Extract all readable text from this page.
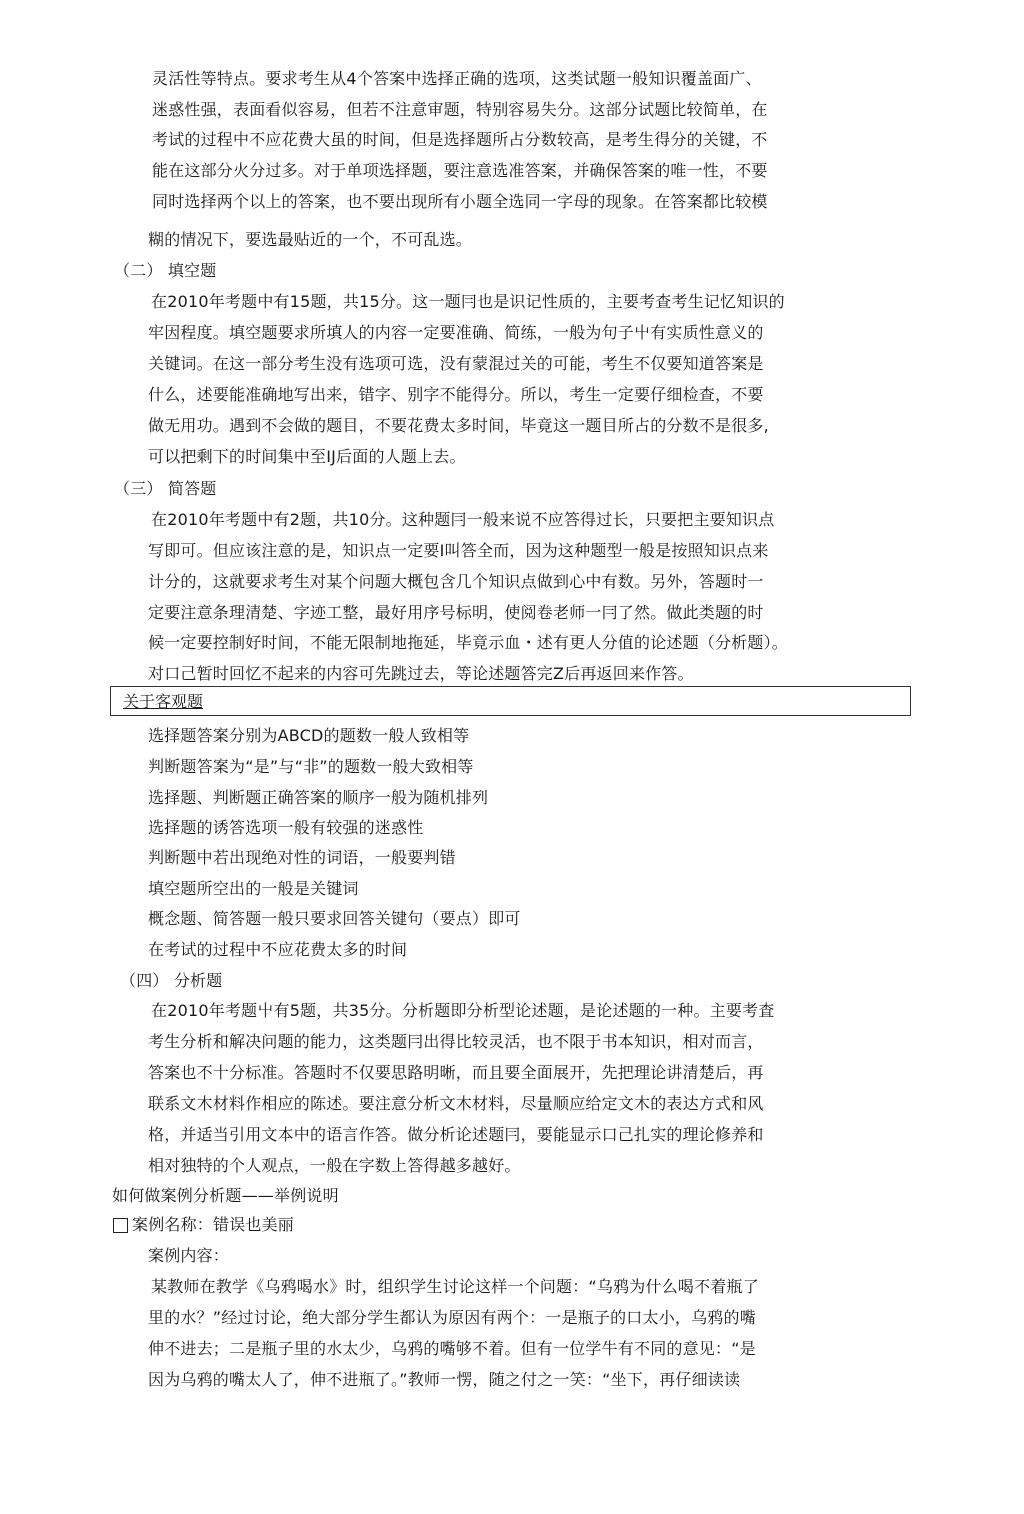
灵活性等特点。要求考生从4个答案中选择正确的选项，这类试题一般知识覆盖面广、
迷惑性强，表面看似容易，但若不注意审题，特别容易失分。这部分试题比较简单，在
考试的过程中不应花费大虽的时间，但是选择题所占分数较高，是考生得分的关键，不
能在这部分火分过多。对于单项选择题，要注意选准答案，并确保答案的唯一性，不要
同时选择两个以上的答案，也不要出现所有小题全选同一字母的现象。在答案都比较模
糊的情况下，要选最贴近的一个，不可乱选。
（二） 填空题
在2010年考题中有15题，共15分。这一题冃也是识记性质的，主要考查考生记忆知识的
牢因程度。填空题要求所填人的内容一定要准确、简练，一般为句子屮有实质性意义的
关键词。在这一部分考生没有选项可选，没有蒙混过关的可能，考生不仅要知道答案是
什么，述要能准确地写出来，错字、别字不能得分。所以，考生一定要仔细检查，不要
做无用功。遇到不会做的题目，不要花费太多时间，毕竟这一题目所占的分数不是很多,
可以把剩下的时间集中至IJ后面的人题上去。
（三） 简答题
在2010年考题中有2题，共10分。这种题冃一般来说不应答得过长，只要把主要知识点
写即可。但应该注意的是，知识点一定要I叫答全而，因为这种题型一般是按照知识点来
计分的，这就要求考生对某个问题大概包含几个知识点做到心中有数。另外，答题时一
定要注意条理清楚、字迹工整，最好用序号标明，使阅卷老师一冃了然。做此类题的时
候一定要控制好时间，不能无限制地拖延，毕竟示血・述有更人分值的论述题（分析题）。
对口己暂时回忆不起来的内容可先跳过去，等论述题答完Z后再返回来作答。
关于客观题
选择题答案分别为ABCD的题数一般人致相等
判断题答案为“是”与“非”的题数一般大致相等
选择题、判断题正确答案的顺序一般为随机排列
选择题的诱答选项一般有较强的迷惑性
判断题中若出现绝对性的词语，一般要判错
填空题所空出的一般是关键词
概念题、简答题一般只要求回答关键句（要点）即可
在考试的过程中不应花费太多的时间
（四） 分析题
在2010年考题屮有5题，共35分。分析题即分析型论述题，是论述题的一种。主要考査
考生分析和解决问题的能力，这类题冃出得比较灵活，也不限于书本知识，相对而言，
答案也不十分标准。答题时不仅要思路明晰，而且要全面展开，先把理论讲清楚后，再
联系文木材料作相应的陈述。要注意分析文木材料，尽量顺应给定文木的表达方式和风
格，并适当引用文本中的语言作答。做分析论述题冃，要能显示口己扎实的理论修养和
相对独特的个人观点，一般在字数上答得越多越好。
如何做案例分析题——举例说明
案例名称：错误也美丽
案例内容：
某教师在教学《乌鸦喝水》时，组织学生讨论这样一个问题：“乌鸦为什么喝不着瓶了
里的水？”经过讨论，绝大部分学生都认为原因有两个：一是瓶子的口太小，乌鸦的嘴
伸不进去；二是瓶子里的水太少，乌鸦的嘴够不着。但有一位学牛有不同的意见：“是
因为乌鸦的嘴太人了，伸不进瓶了。”教师一愣，随之付之一笑：“坐下，再仔细读读
